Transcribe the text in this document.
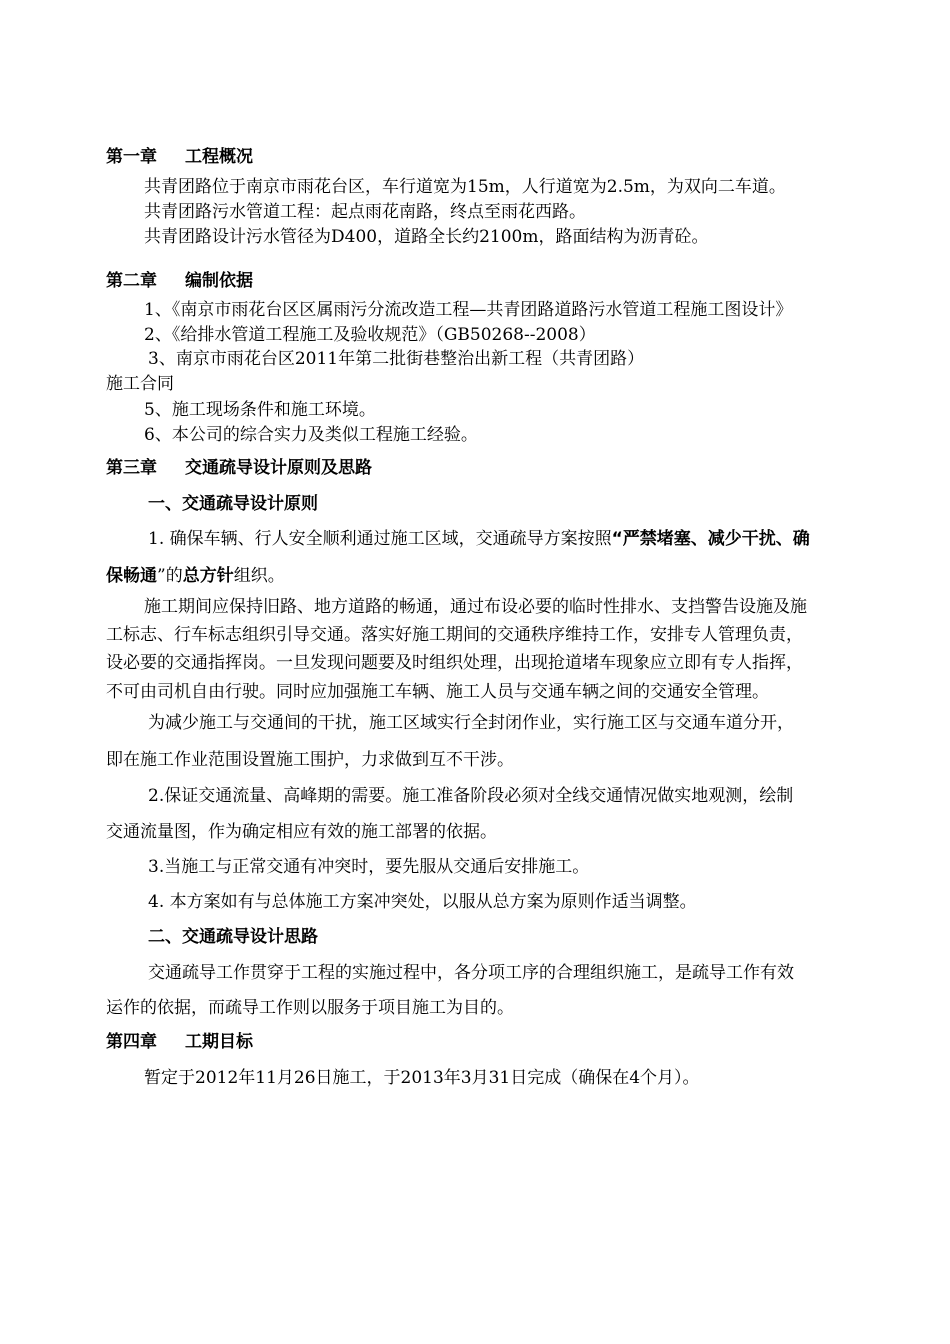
第一章 工程概况
共青团路位于南京市雨花台区，车行道宽为15m，人行道宽为2.5m，为双向二车道。
共青团路污水管道工程：起点雨花南路，终点至雨花西路。
共青团路设计污水管径为D400，道路全长约2100m，路面结构为沥青砼。
第二章 编制依据
1、《南京市雨花台区区属雨污分流改造工程—共青团路道路污水管道工程施工图设计》
2、《给排水管道工程施工及验收规范》（GB50268--2008）
3、南京市雨花台区2011年第二批街巷整治出新工程（共青团路）
施工合同
5、施工现场条件和施工环境。
6、本公司的综合实力及类似工程施工经验。
第三章 交通疏导设计原则及思路
一、交通疏导设计原则
1. 确保车辆、行人安全顺利通过施工区域，交通疏导方案按照“严禁堵塞、减少干扰、确
保畅通”的总方针组织。
施工期间应保持旧路、地方道路的畅通，通过布设必要的临时性排水、支挡警告设施及施
工标志、行车标志组织引导交通。落实好施工期间的交通秩序维持工作，安排专人管理负责，
设必要的交通指挥岗。一旦发现问题要及时组织处理，出现抢道堵车现象应立即有专人指挥，
不可由司机自由行驶。同时应加强施工车辆、施工人员与交通车辆之间的交通安全管理。
为减少施工与交通间的干扰，施工区域实行全封闭作业，实行施工区与交通车道分开，
即在施工作业范围设置施工围护，力求做到互不干涉。
2.保证交通流量、高峰期的需要。施工准备阶段必须对全线交通情况做实地观测，绘制
交通流量图，作为确定相应有效的施工部署的依据。
3.当施工与正常交通有冲突时，要先服从交通后安排施工。
4. 本方案如有与总体施工方案冲突处，以服从总方案为原则作适当调整。
二、交通疏导设计思路
交通疏导工作贯穿于工程的实施过程中，各分项工序的合理组织施工，是疏导工作有效
运作的依据，而疏导工作则以服务于项目施工为目的。
第四章 工期目标
暂定于2012年11月26日施工，于2013年3月31日完成（确保在4个月）。
